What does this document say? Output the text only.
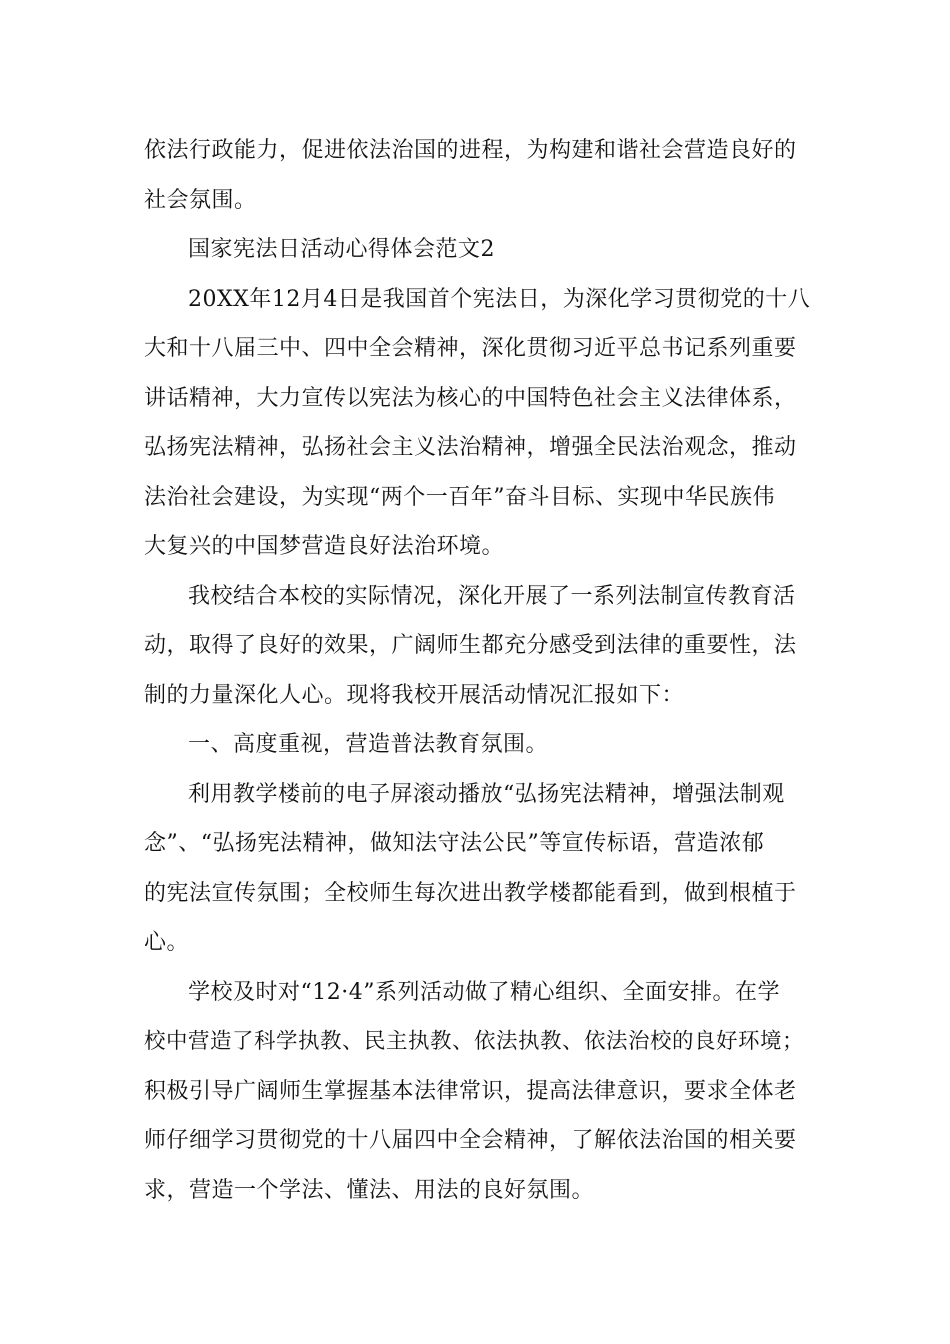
依法行政能力，促进依法治国的进程，为构建和谐社会营造良好的
社会氛围。
国家宪法日活动心得体会范文2
20XX年12月4日是我国首个宪法日，为深化学习贯彻党的十八
大和十八届三中、四中全会精神，深化贯彻习近平总书记系列重要
讲话精神，大力宣传以宪法为核心的中国特色社会主义法律体系，
弘扬宪法精神，弘扬社会主义法治精神，增强全民法治观念，推动
法治社会建设，为实现“两个一百年”奋斗目标、实现中华民族伟
大复兴的中国梦营造良好法治环境。
我校结合本校的实际情况，深化开展了一系列法制宣传教育活
动，取得了良好的效果，广阔师生都充分感受到法律的重要性，法
制的力量深化人心。现将我校开展活动情况汇报如下：
一、高度重视，营造普法教育氛围。
利用教学楼前的电子屏滚动播放“弘扬宪法精神，增强法制观
念”、“弘扬宪法精神，做知法守法公民”等宣传标语，营造浓郁
的宪法宣传氛围；全校师生每次进出教学楼都能看到，做到根植于
心。
学校及时对“12·4”系列活动做了精心组织、全面安排。在学
校中营造了科学执教、民主执教、依法执教、依法治校的良好环境；
积极引导广阔师生掌握基本法律常识，提高法律意识，要求全体老
师仔细学习贯彻党的十八届四中全会精神，了解依法治国的相关要
求，营造一个学法、懂法、用法的良好氛围。
